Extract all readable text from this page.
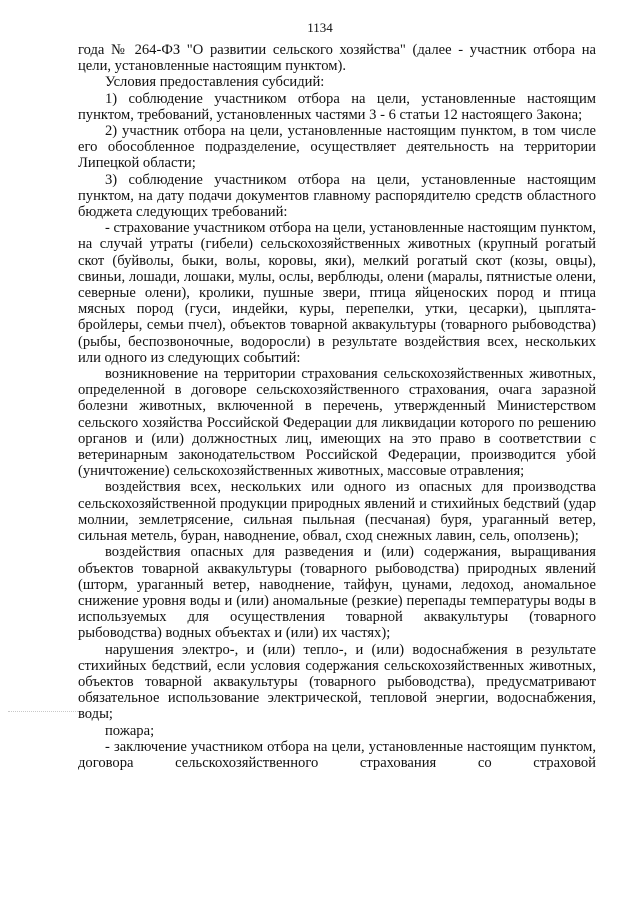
1134

года № 264-ФЗ "О развитии сельского хозяйства" (далее - участник отбора на цели, установленные настоящим пунктом).

Условия предоставления субсидий:

1) соблюдение участником отбора на цели, установленные настоящим пунктом, требований, установленных частями 3 - 6 статьи 12 настоящего Закона;

2) участник отбора на цели, установленные настоящим пунктом, в том числе его обособленное подразделение, осуществляет деятельность на территории Липецкой области;

3) соблюдение участником отбора на цели, установленные настоящим пунктом, на дату подачи документов главному распорядителю средств областного бюджета следующих требований:

- страхование участником отбора на цели, установленные настоящим пунктом, на случай утраты (гибели) сельскохозяйственных животных (крупный рогатый скот (буйволы, быки, волы, коровы, яки), мелкий рогатый скот (козы, овцы), свиньи, лошади, лошаки, мулы, ослы, верблюды, олени (маралы, пятнистые олени, северные олени), кролики, пушные звери, птица яйценоских пород и птица мясных пород (гуси, индейки, куры, перепелки, утки, цесарки), цыплята-бройлеры, семьи пчел), объектов товарной аквакультуры (товарного рыбоводства) (рыбы, беспозвоночные, водоросли) в результате воздействия всех, нескольких или одного из следующих событий:

возникновение на территории страхования сельскохозяйственных животных, определенной в договоре сельскохозяйственного страхования, очага заразной болезни животных, включенной в перечень, утвержденный Министерством сельского хозяйства Российской Федерации для ликвидации которого по решению органов и (или) должностных лиц, имеющих на это право в соответствии с ветеринарным законодательством Российской Федерации, производится убой (уничтожение) сельскохозяйственных животных, массовые отравления;

воздействия всех, нескольких или одного из опасных для производства сельскохозяйственной продукции природных явлений и стихийных бедствий (удар молнии, землетрясение, сильная пыльная (песчаная) буря, ураганный ветер, сильная метель, буран, наводнение, обвал, сход снежных лавин, сель, оползень);

воздействия опасных для разведения и (или) содержания, выращивания объектов товарной аквакультуры (товарного рыбоводства) природных явлений (шторм, ураганный ветер, наводнение, тайфун, цунами, ледоход, аномальное снижение уровня воды и (или) аномальные (резкие) перепады температуры воды в используемых для осуществления товарной аквакультуры (товарного рыбоводства) водных объектах и (или) их частях);

нарушения электро-, и (или) тепло-, и (или) водоснабжения в результате стихийных бедствий, если условия содержания сельскохозяйственных животных, объектов товарной аквакультуры (товарного рыбоводства), предусматривают обязательное использование электрической, тепловой энергии, водоснабжения, воды;

пожара;

- заключение участником отбора на цели, установленные настоящим пунктом, договора сельскохозяйственного страхования со страховой
